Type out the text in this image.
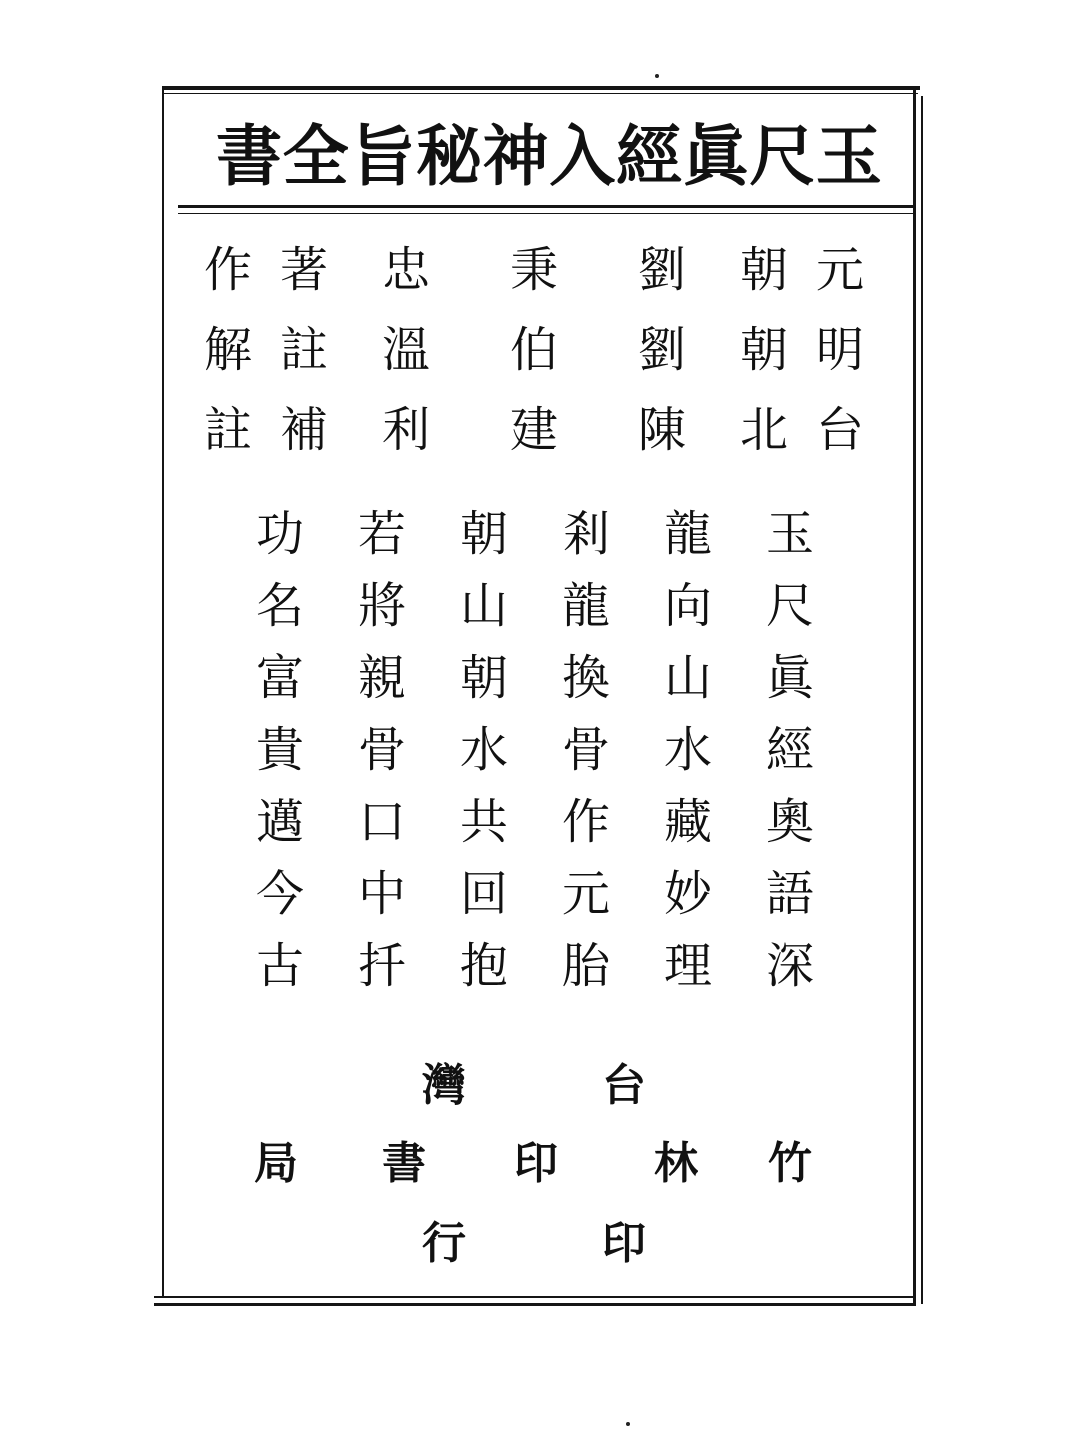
書 全 旨 秘 神 入 經 眞 尺 玉
作 著 忠 秉 劉 朝 元
解 註 溫 伯 劉 朝 明
註 補 利 建 陳 北 台
功 若 朝 剎 龍 玉
名 將 山 龍 向 尺
富 親 朝 換 山 眞
貴 骨 水 骨 水 經
邁 口 共 作 藏 奧
今 中 回 元 妙 語
古 扦 抱 胎 理 深
灣	台
局 書 印 林 竹
行	印
